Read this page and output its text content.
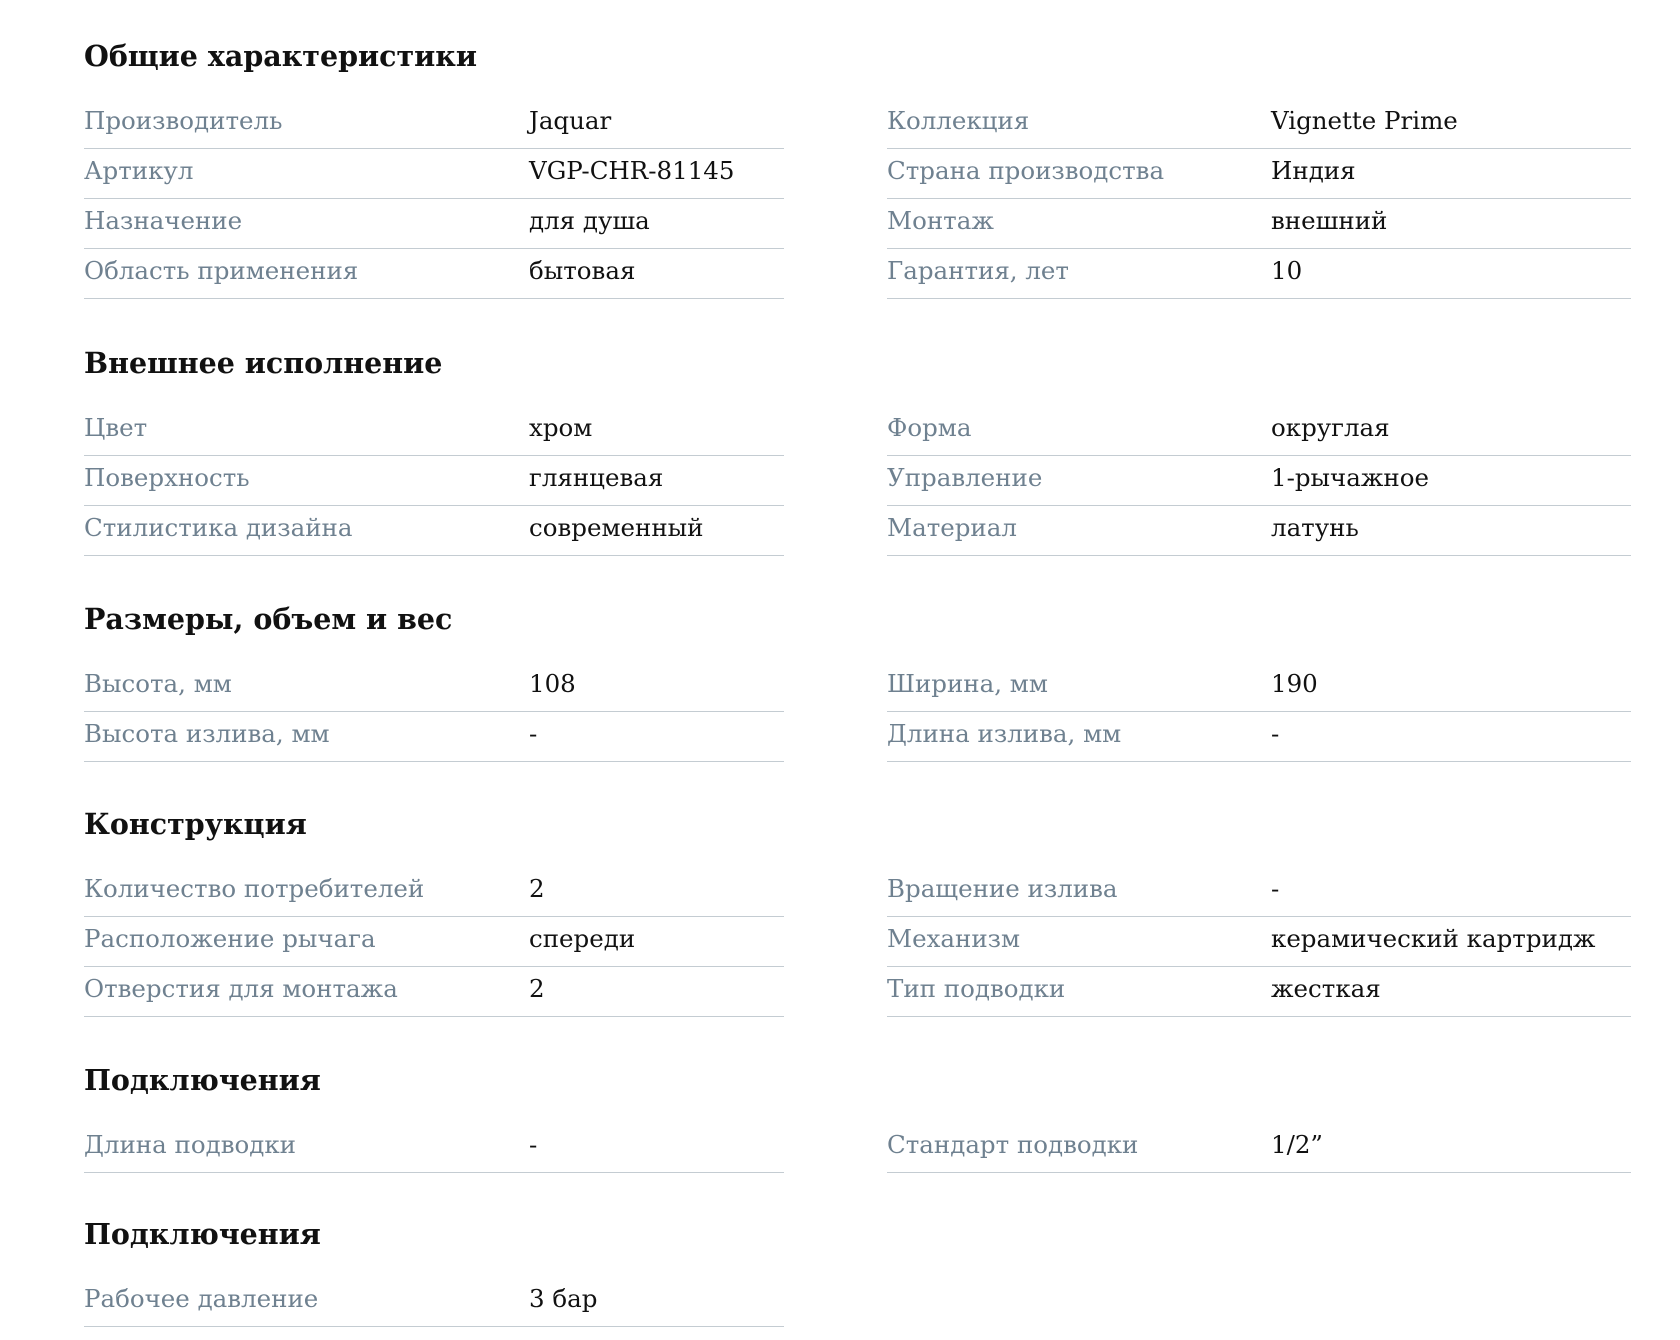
Общие характеристики
Производитель	Jaquar
Артикул	VGP-CHR-81145
Назначение	для душа
Область применения	бытовая
Коллекция	Vignette Prime
Страна производства	Индия
Монтаж	внешний
Гарантия, лет	10
Внешнее исполнение
Цвет	хром
Поверхность	глянцевая
Стилистика дизайна	современный
Форма	округлая
Управление	1-рычажное
Материал	латунь
Размеры, объем и вес
Высота, мм	108
Высота излива, мм	-
Ширина, мм	190
Длина излива, мм	-
Конструкция
Количество потребителей	2
Расположение рычага	спереди
Отверстия для монтажа	2
Вращение излива	-
Механизм	керамический картридж
Тип подводки	жесткая
Подключения
Длина подводки	-	Стандарт подводки	1/2”
Подключения
Рабочее давление	3 бар
